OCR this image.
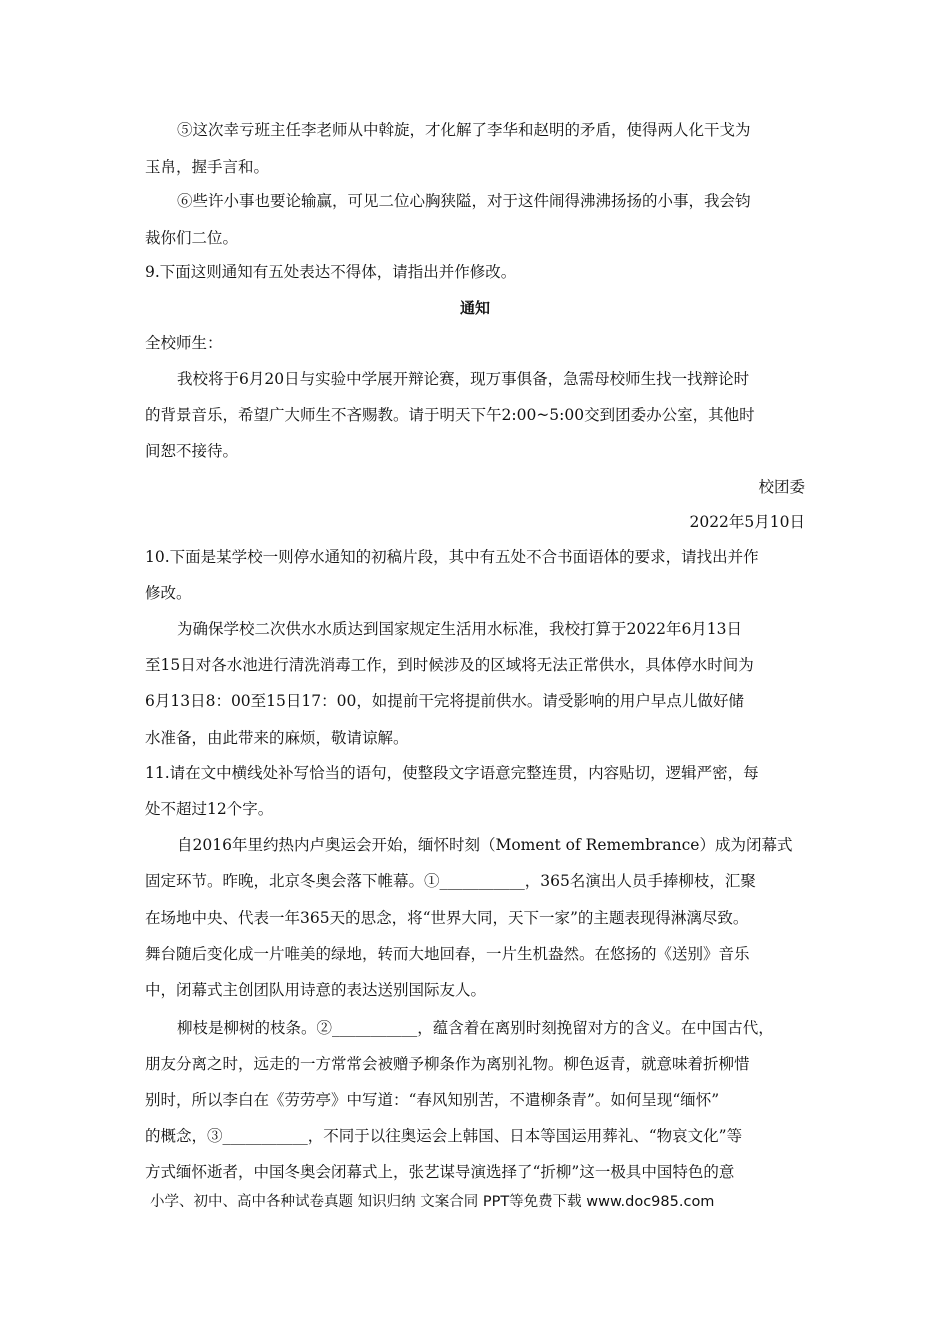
⑤这次幸亏班主任李老师从中斡旋，才化解了李华和赵明的矛盾，使得两人化干戈为
玉帛，握手言和。
⑥些许小事也要论输赢，可见二位心胸狭隘，对于这件闹得沸沸扬扬的小事，我会钧
裁你们二位。
9.下面这则通知有五处表达不得体，请指出并作修改。
通知
全校师生：
我校将于6月20日与实验中学展开辩论赛，现万事俱备，急需母校师生找一找辩论时
的背景音乐，希望广大师生不吝赐教。请于明天下午2:00~5:00交到团委办公室，其他时
间恕不接待。
校团委
2022年5月10日
10.下面是某学校一则停水通知的初稿片段，其中有五处不合书面语体的要求，请找出并作
修改。
为确保学校二次供水水质达到国家规定生活用水标准，我校打算于2022年6月13日
至15日对各水池进行清洗消毒工作，到时候涉及的区域将无法正常供水，具体停水时间为
6月13日8：00至15日17：00，如提前干完将提前供水。请受影响的用户早点儿做好储
水准备，由此带来的麻烦，敬请谅解。
11.请在文中横线处补写恰当的语句，使整段文字语意完整连贯，内容贴切，逻辑严密，每
处不超过12个字。
自2016年里约热内卢奥运会开始，缅怀时刻（Moment of Remembrance）成为闭幕式
固定环节。昨晚，北京冬奥会落下帷幕。①___________，365名演出人员手捧柳枝，汇聚
在场地中央、代表一年365天的思念，将“世界大同，天下一家”的主题表现得淋漓尽致。
舞台随后变化成一片唯美的绿地，转而大地回春，一片生机盎然。在悠扬的《送别》音乐
中，闭幕式主创团队用诗意的表达送别国际友人。
柳枝是柳树的枝条。②___________，蕴含着在离别时刻挽留对方的含义。在中国古代，
朋友分离之时，远走的一方常常会被赠予柳条作为离别礼物。柳色返青，就意味着折柳惜
别时，所以李白在《劳劳亭》中写道：“春风知别苦，不遣柳条青”。如何呈现“缅怀”
的概念，③___________，不同于以往奥运会上韩国、日本等国运用葬礼、“物哀文化”等
方式缅怀逝者，中国冬奥会闭幕式上，张艺谋导演选择了“折柳”这一极具中国特色的意
小学、初中、高中各种试卷真题 知识归纳 文案合同 PPT等免费下载 www.doc985.com
